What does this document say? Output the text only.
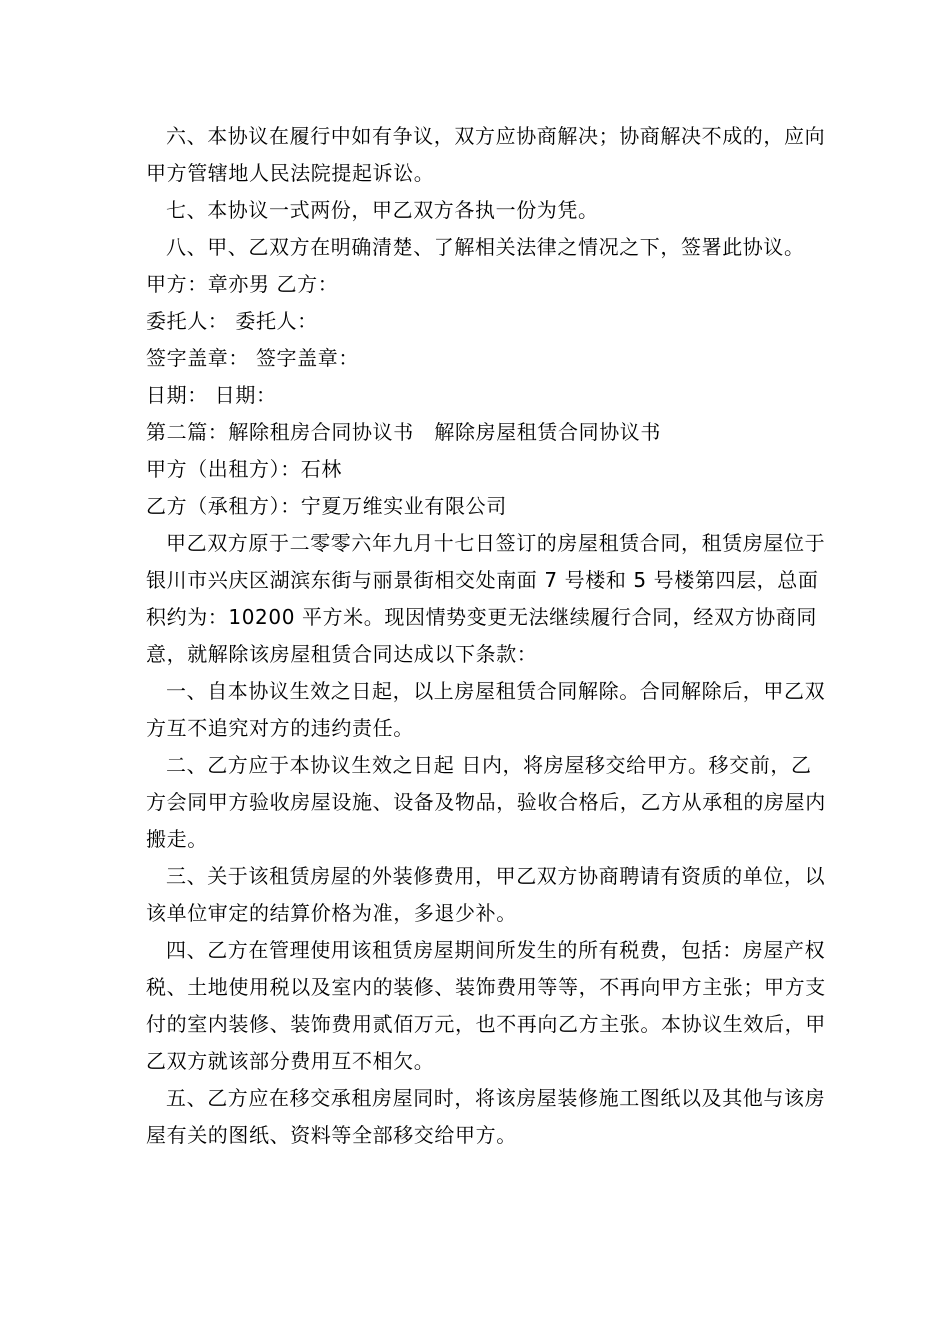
六、本协议在履行中如有争议，双方应协商解决；协商解决不成的，应向甲方管辖地人民法院提起诉讼。

七、本协议一式两份，甲乙双方各执一份为凭。

八、甲、乙双方在明确清楚、了解相关法律之情况之下，签署此协议。

甲方：章亦男 乙方：

委托人： 委托人：

签字盖章： 签字盖章：

日期： 日期：

第二篇：解除租房合同协议书　解除房屋租赁合同协议书

甲方（出租方）：石林

乙方（承租方）：宁夏万维实业有限公司

甲乙双方原于二零零六年九月十七日签订的房屋租赁合同，租赁房屋位于银川市兴庆区湖滨东街与丽景街相交处南面 7 号楼和 5 号楼第四层，总面积约为：10200 平方米。现因情势变更无法继续履行合同，经双方协商同意，就解除该房屋租赁合同达成以下条款：

一、自本协议生效之日起，以上房屋租赁合同解除。合同解除后，甲乙双方互不追究对方的违约责任。

二、乙方应于本协议生效之日起 日内，将房屋移交给甲方。移交前，乙方会同甲方验收房屋设施、设备及物品，验收合格后，乙方从承租的房屋内搬走。

三、关于该租赁房屋的外装修费用，甲乙双方协商聘请有资质的单位，以该单位审定的结算价格为准，多退少补。

四、乙方在管理使用该租赁房屋期间所发生的所有税费，包括：房屋产权税、土地使用税以及室内的装修、装饰费用等等，不再向甲方主张；甲方支付的室内装修、装饰费用贰佰万元，也不再向乙方主张。本协议生效后，甲乙双方就该部分费用互不相欠。

五、乙方应在移交承租房屋同时，将该房屋装修施工图纸以及其他与该房屋有关的图纸、资料等全部移交给甲方。
